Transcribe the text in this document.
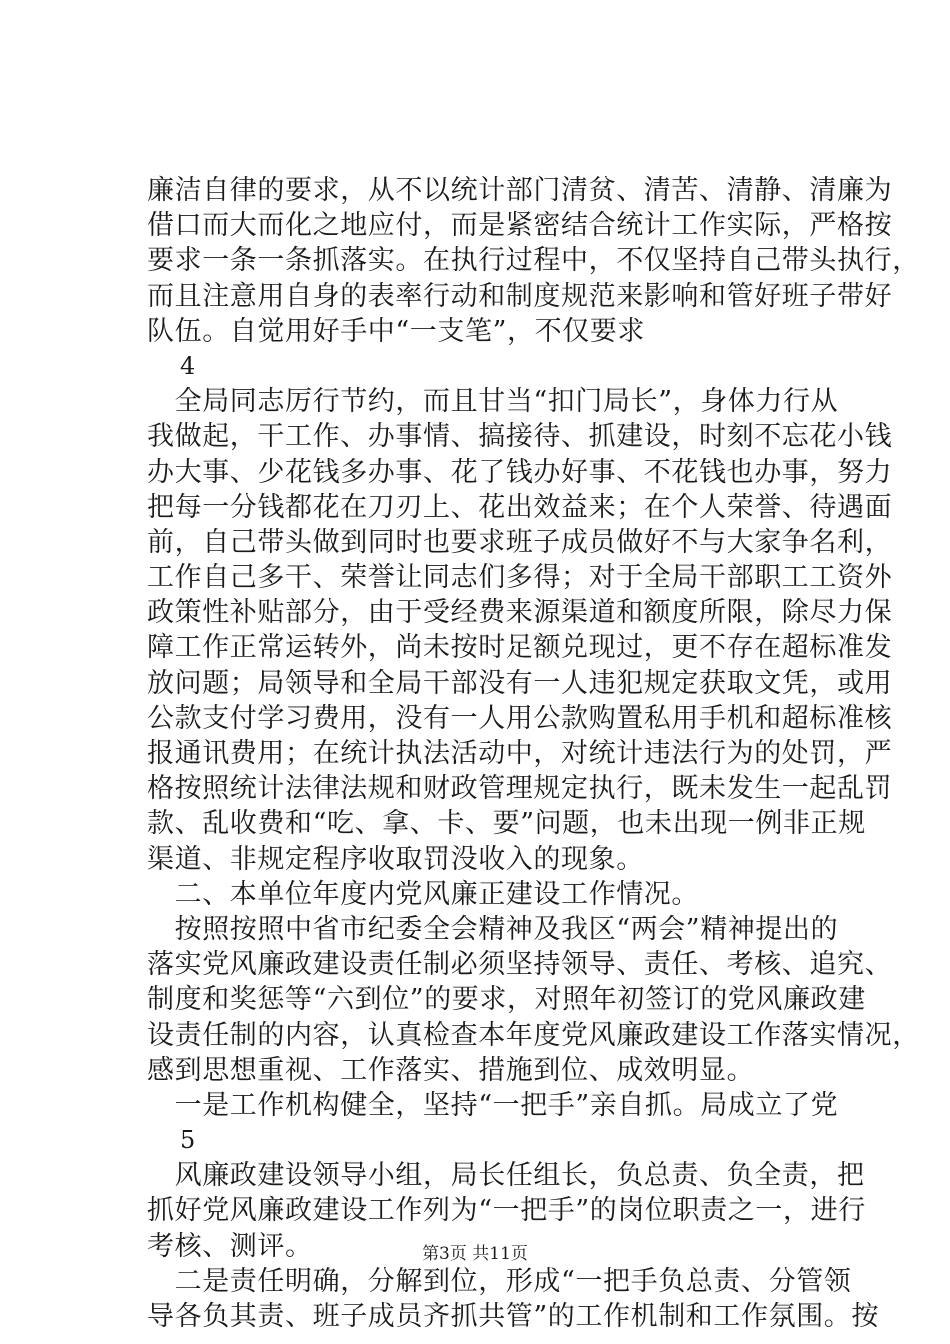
廉洁自律的要求，从不以统计部门清贫、清苦、清静、清廉为
借口而大而化之地应付，而是紧密结合统计工作实际，严格按
要求一条一条抓落实。在执行过程中，不仅坚持自己带头执行，
而且注意用自身的表率行动和制度规范来影响和管好班子带好
队伍。自觉用好手中“一支笔”，不仅要求
4
　全局同志厉行节约，而且甘当“扣门局长”，身体力行从
我做起，干工作、办事情、搞接待、抓建设，时刻不忘花小钱
办大事、少花钱多办事、花了钱办好事、不花钱也办事，努力
把每一分钱都花在刀刃上、花出效益来；在个人荣誉、待遇面
前，自己带头做到同时也要求班子成员做好不与大家争名利，
工作自己多干、荣誉让同志们多得；对于全局干部职工工资外
政策性补贴部分，由于受经费来源渠道和额度所限，除尽力保
障工作正常运转外，尚未按时足额兑现过，更不存在超标准发
放问题；局领导和全局干部没有一人违犯规定获取文凭，或用
公款支付学习费用，没有一人用公款购置私用手机和超标准核
报通讯费用；在统计执法活动中，对统计违法行为的处罚，严
格按照统计法律法规和财政管理规定执行，既未发生一起乱罚
款、乱收费和“吃、拿、卡、要”问题，也未出现一例非正规
渠道、非规定程序收取罚没收入的现象。
　二、本单位年度内党风廉正建设工作情况。
　按照按照中省市纪委全会精神及我区“两会”精神提出的
落实党风廉政建设责任制必须坚持领导、责任、考核、追究、
制度和奖惩等“六到位”的要求，对照年初签订的党风廉政建
设责任制的内容，认真检查本年度党风廉政建设工作落实情况，
感到思想重视、工作落实、措施到位、成效明显。
　一是工作机构健全，坚持“一把手”亲自抓。局成立了党
5
　风廉政建设领导小组，局长任组长，负总责、负全责，把
抓好党风廉政建设工作列为“一把手”的岗位职责之一，进行
考核、测评。
　二是责任明确，分解到位，形成“一把手负总责、分管领
导各负其责、班子成员齐抓共管”的工作机制和工作氛围。按
第3页 共11页
